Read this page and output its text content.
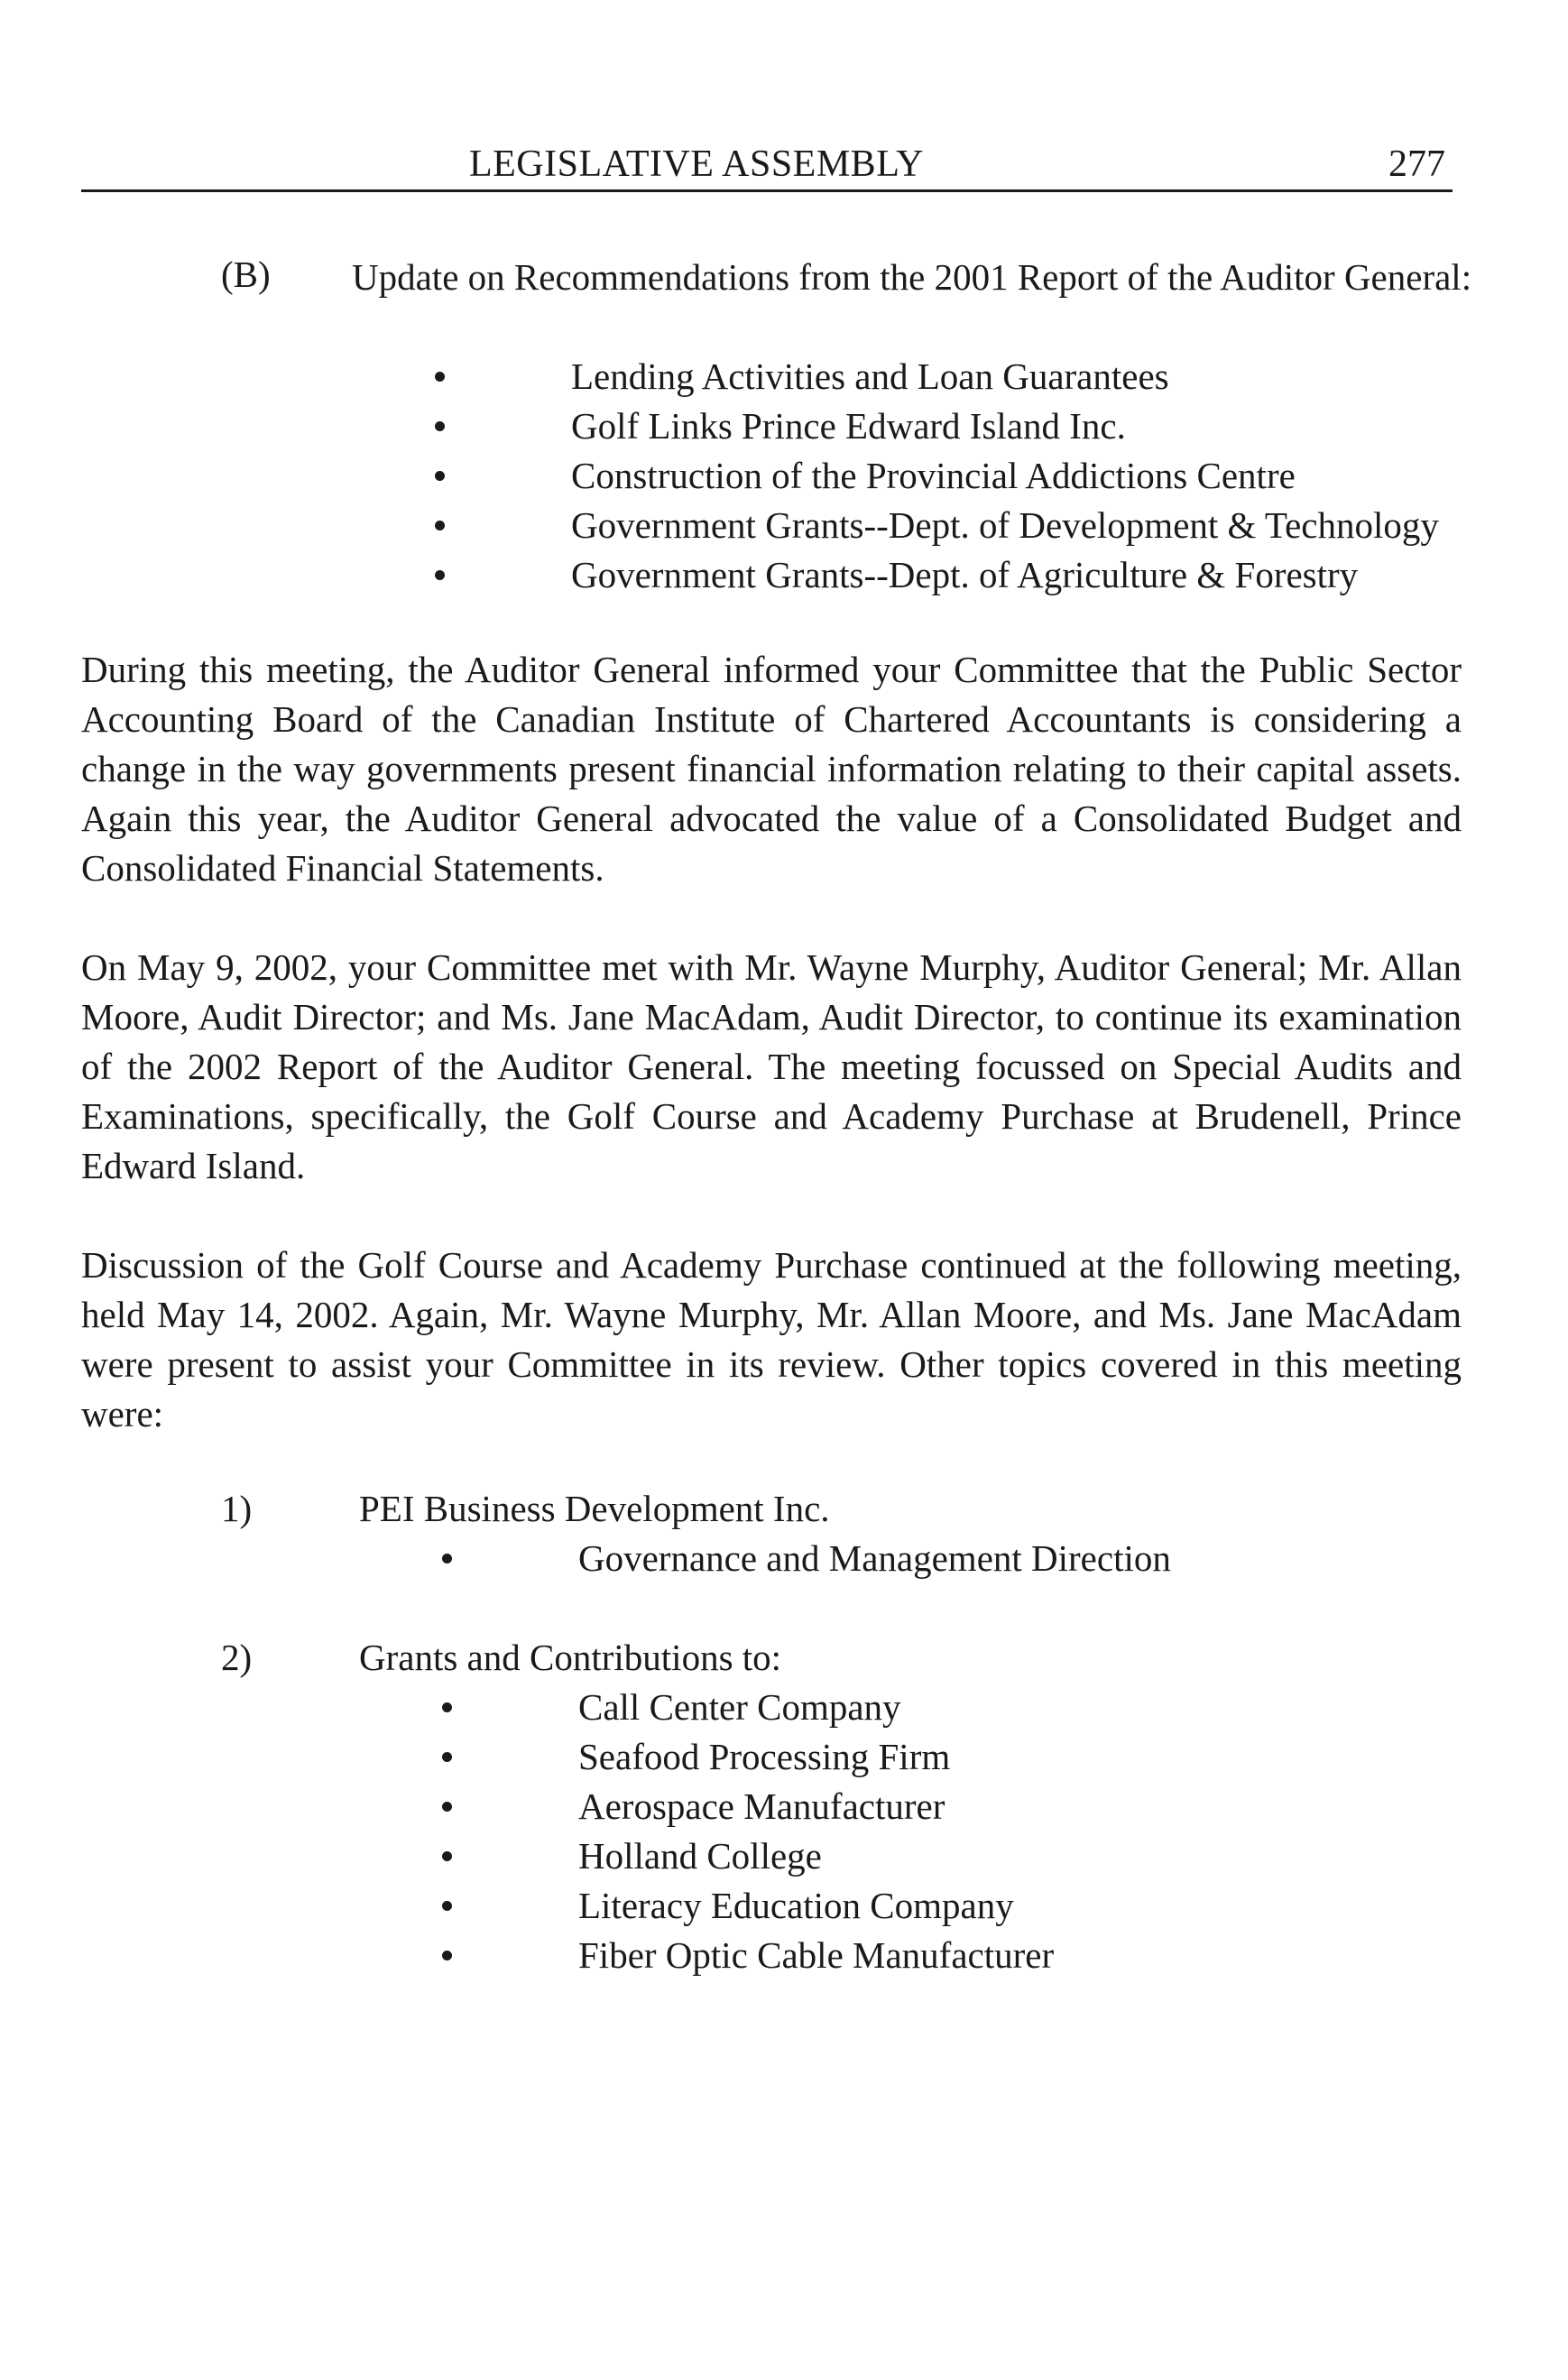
LEGISLATIVE ASSEMBLY	277
(B) Update on Recommendations from the 2001 Report of the Auditor General:
Lending Activities and Loan Guarantees
Golf Links Prince Edward Island Inc.
Construction of the Provincial Addictions Centre
Government Grants--Dept. of Development & Technology
Government Grants--Dept. of Agriculture & Forestry

During this meeting, the Auditor General informed your Committee that the Public Sector Accounting Board of the Canadian Institute of Chartered Accountants is considering a change in the way governments present financial information relating to their capital assets. Again this year, the Auditor General advocated the value of a Consolidated Budget and Consolidated Financial Statements.

On May 9, 2002, your Committee met with Mr. Wayne Murphy, Auditor General; Mr. Allan Moore, Audit Director; and Ms. Jane MacAdam, Audit Director, to continue its examination of the 2002 Report of the Auditor General. The meeting focussed on Special Audits and Examinations, specifically, the Golf Course and Academy Purchase at Brudenell, Prince Edward Island.

Discussion of the Golf Course and Academy Purchase continued at the following meeting, held May 14, 2002. Again, Mr. Wayne Murphy, Mr. Allan Moore, and Ms. Jane MacAdam were present to assist your Committee in its review. Other topics covered in this meeting were:

1)	PEI Business Development Inc.
Governance and Management Direction
2)	Grants and Contributions to:
Call Center Company
Seafood Processing Firm
Aerospace Manufacturer
Holland College
Literacy Education Company
Fiber Optic Cable Manufacturer
